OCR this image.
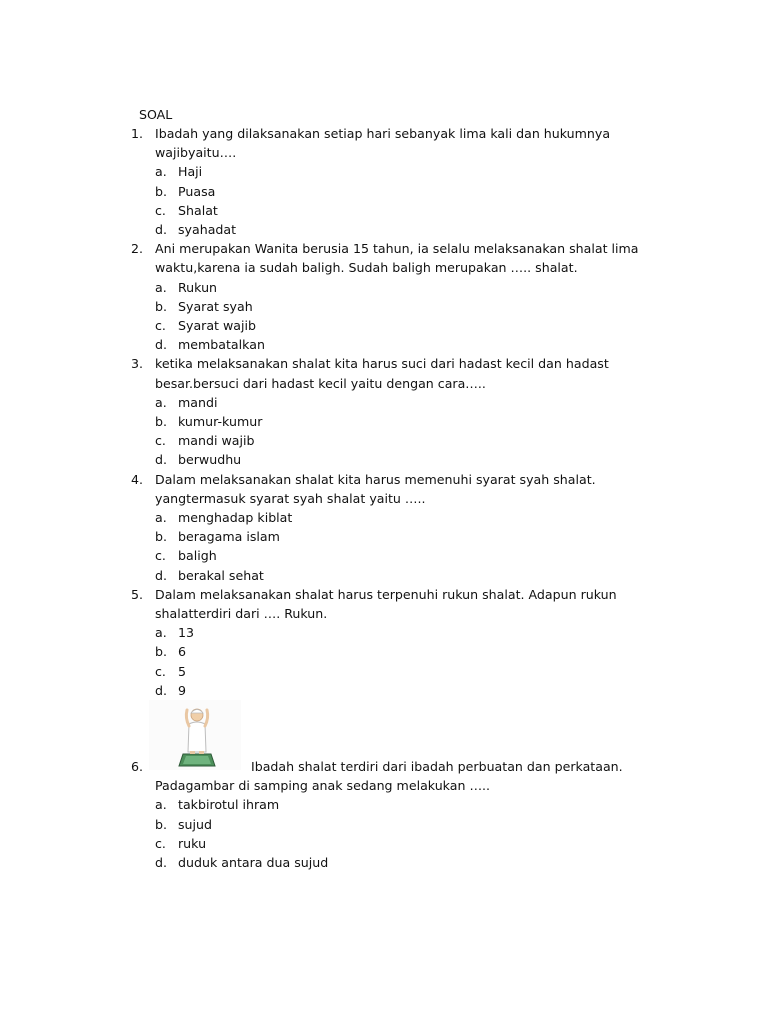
SOAL
1. Ibadah yang dilaksanakan setiap hari sebanyak lima kali dan hukumnya
wajibyaitu….
a. Haji
b. Puasa
c. Shalat
d. syahadat
2. Ani merupakan Wanita berusia 15 tahun, ia selalu melaksanakan shalat lima
waktu,karena ia sudah baligh. Sudah baligh merupakan ….. shalat.
a. Rukun
b. Syarat syah
c. Syarat wajib
d. membatalkan
3. ketika melaksanakan shalat kita harus suci dari hadast kecil dan hadast
besar.bersuci dari hadast kecil yaitu dengan cara…..
a. mandi
b. kumur-kumur
c. mandi wajib
d. berwudhu
4. Dalam melaksanakan shalat kita harus memenuhi syarat syah shalat.
yangtermasuk syarat syah shalat yaitu …..
a. menghadap kiblat
b. beragama islam
c. baligh
d. berakal sehat
5. Dalam melaksanakan shalat harus terpenuhi rukun shalat. Adapun rukun
shalatterdiri dari …. Rukun.
a. 13
b. 6
c. 5
d. 9
6.	Ibadah shalat terdiri dari ibadah perbuatan dan perkataan.
Padagambar di samping anak sedang melakukan …..
a. takbirotul ihram
b. sujud
c. ruku
d. duduk antara dua sujud
